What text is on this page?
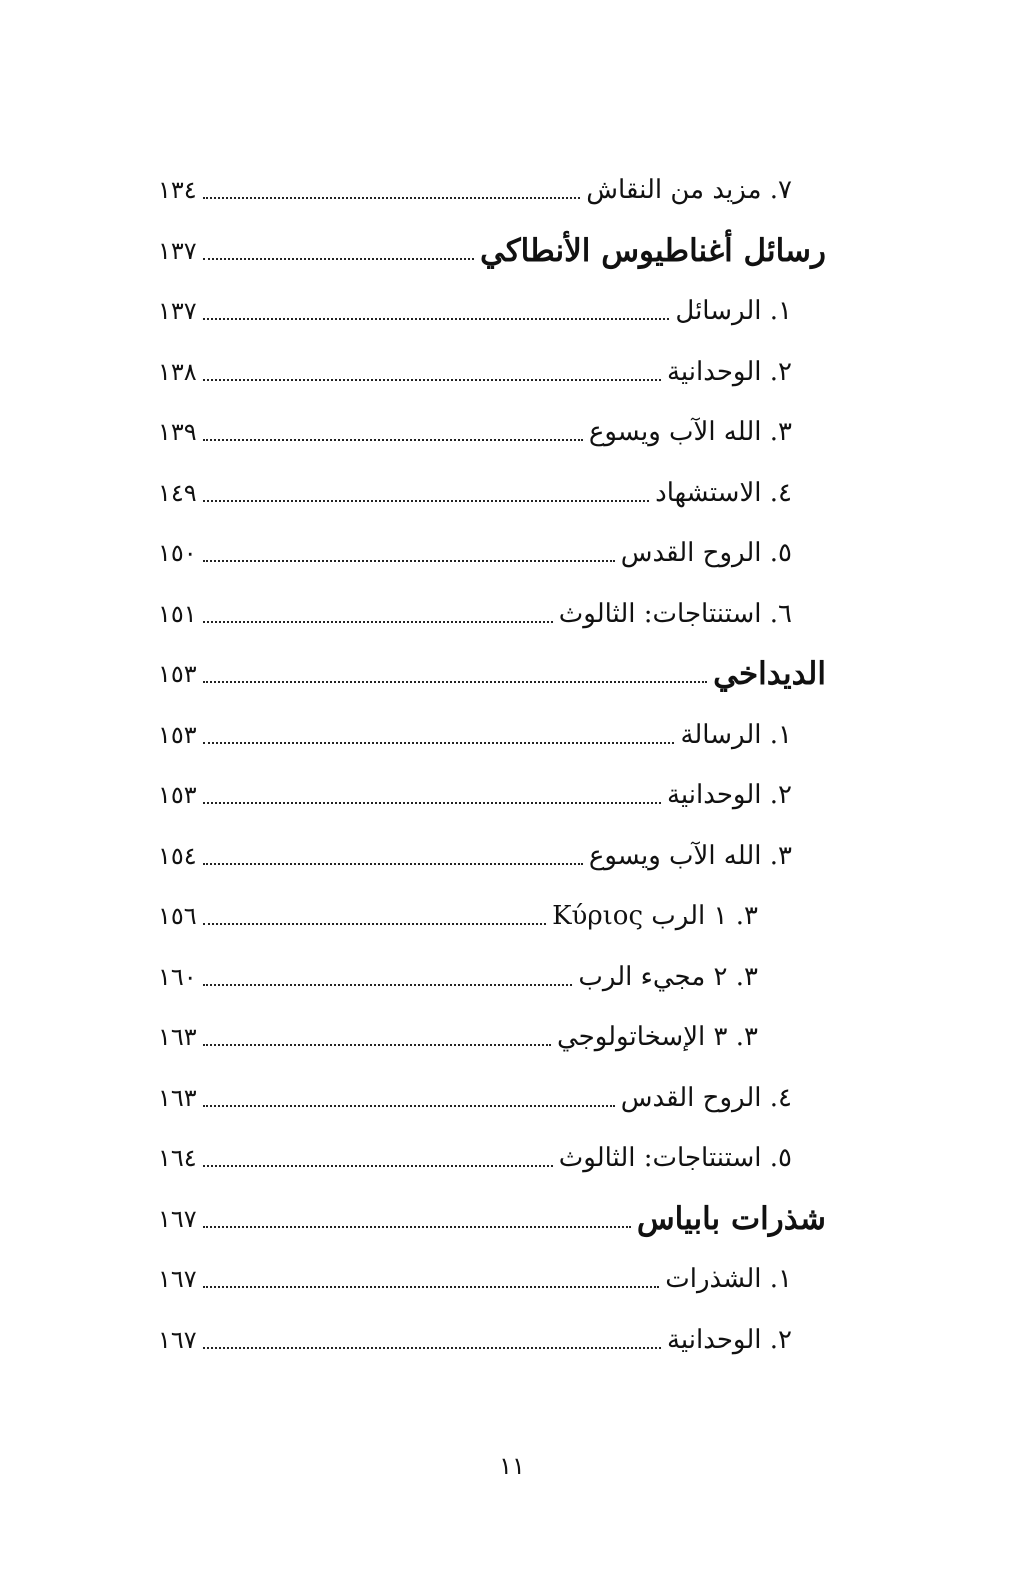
٧. مزيد من النقاش
١٣٤
رسائل أغناطيوس الأنطاكي
١٣٧
١. الرسائل
١٣٧
٢. الوحدانية
١٣٨
٣. الله الآب ويسوع
١٣٩
٤. الاستشهاد
١٤٩
٥. الروح القدس
١٥٠
٦. استنتاجات: الثالوث
١٥١
الديداخي
١٥٣
١. الرسالة
١٥٣
٢. الوحدانية
١٥٣
٣. الله الآب ويسوع
١٥٤
٣. ١ الرب Κύριος
١٥٦
٣. ٢ مجيء الرب
١٦٠
٣. ٣ الإسخاتولوجي
١٦٣
٤. الروح القدس
١٦٣
٥. استنتاجات: الثالوث
١٦٤
شذرات بابياس
١٦٧
١. الشذرات
١٦٧
٢. الوحدانية
١٦٧
١١
